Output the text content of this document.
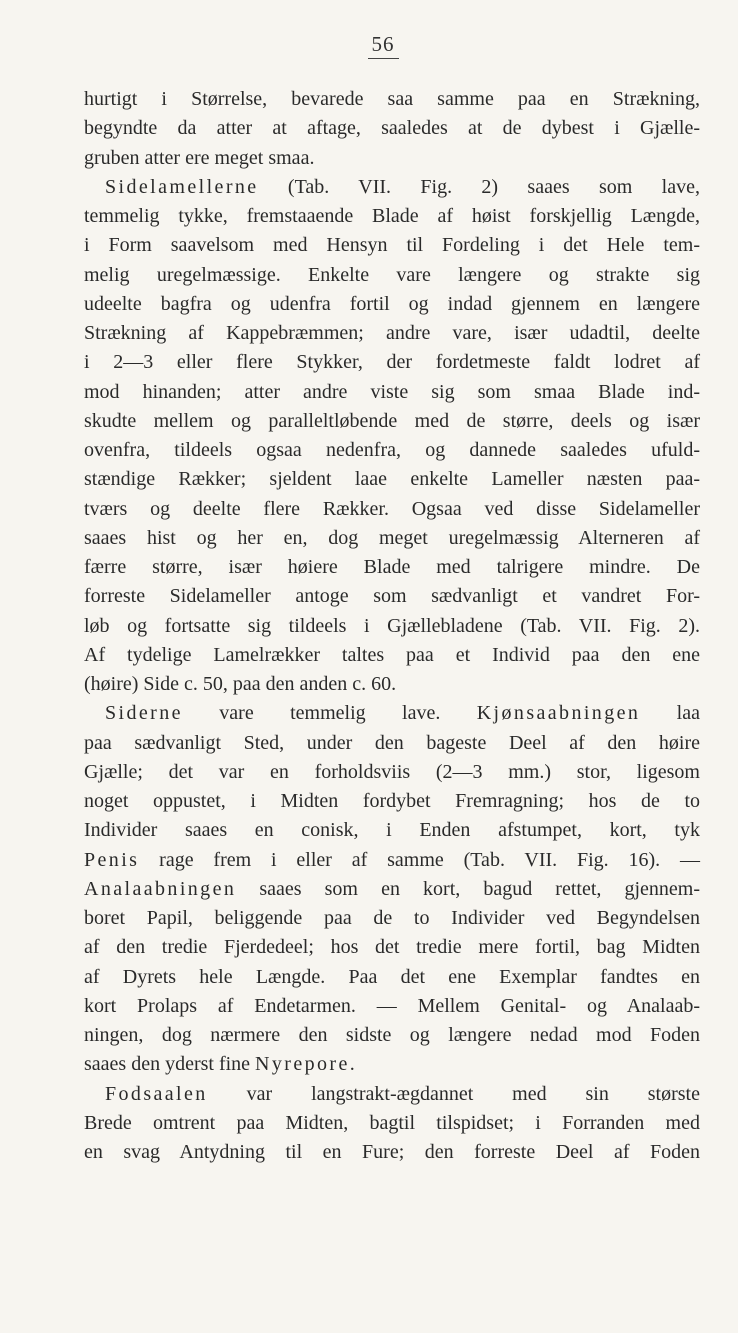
56
hurtigt i Størrelse, bevarede saa samme paa en Strækning,
begyndte da atter at aftage, saaledes at de dybest i Gjælle-
gruben atter ere meget smaa.
Sidelamellerne (Tab. VII. Fig. 2) saaes som lave,
temmelig tykke, fremstaaende Blade af høist forskjellig Længde,
i Form saavelsom med Hensyn til Fordeling i det Hele tem-
melig uregelmæssige. Enkelte vare længere og strakte sig
udeelte bagfra og udenfra fortil og indad gjennem en længere
Strækning af Kappebræmmen; andre vare, især udadtil, deelte
i 2—3 eller flere Stykker, der fordetmeste faldt lodret af
mod hinanden; atter andre viste sig som smaa Blade ind-
skudte mellem og paralleltløbende med de større, deels og især
ovenfra, tildeels ogsaa nedenfra, og dannede saaledes ufuld-
stændige Rækker; sjeldent laae enkelte Lameller næsten paa-
tværs og deelte flere Rækker. Ogsaa ved disse Sidelameller
saaes hist og her en, dog meget uregelmæssig Alterneren af
færre større, især høiere Blade med talrigere mindre. De
forreste Sidelameller antoge som sædvanligt et vandret For-
løb og fortsatte sig tildeels i Gjællebladene (Tab. VII. Fig. 2).
Af tydelige Lamelrækker taltes paa et Individ paa den ene
(høire) Side c. 50, paa den anden c. 60.
Siderne vare temmelig lave. Kjønsaabningen laa
paa sædvanligt Sted, under den bageste Deel af den høire
Gjælle; det var en forholdsviis (2—3 mm.) stor, ligesom
noget oppustet, i Midten fordybet Fremragning; hos de to
Individer saaes en conisk, i Enden afstumpet, kort, tyk
Penis rage frem i eller af samme (Tab. VII. Fig. 16). —
Analaabningen saaes som en kort, bagud rettet, gjennem-
boret Papil, beliggende paa de to Individer ved Begyndelsen
af den tredie Fjerdedeel; hos det tredie mere fortil, bag Midten
af Dyrets hele Længde. Paa det ene Exemplar fandtes en
kort Prolaps af Endetarmen. — Mellem Genital- og Analaab-
ningen, dog nærmere den sidste og længere nedad mod Foden
saaes den yderst fine Nyrepore.
Fodsaalen var langstrakt-ægdannet med sin største
Brede omtrent paa Midten, bagtil tilspidset; i Forranden med
en svag Antydning til en Fure; den forreste Deel af Foden
